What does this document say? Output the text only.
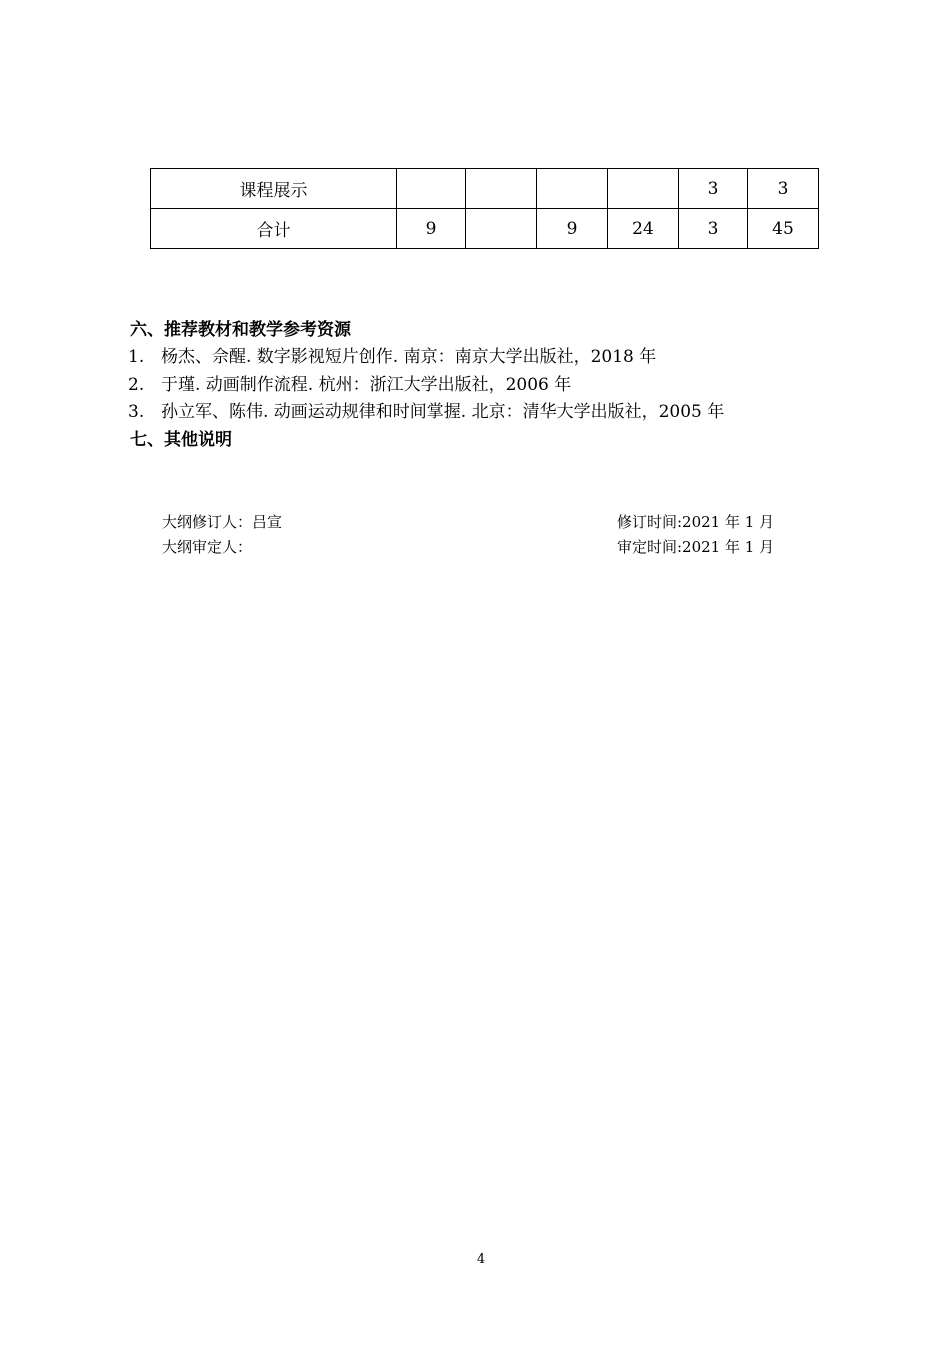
课程展示					3	3
合计	9		9	24	3	45
六、推荐教材和教学参考资源
1. 杨杰、佘醒. 数字影视短片创作. 南京：南京大学出版社，2018 年
2. 于瑾. 动画制作流程. 杭州：浙江大学出版社，2006 年
3. 孙立军、陈伟. 动画运动规律和时间掌握. 北京：清华大学出版社，2005 年
七、其他说明
大纲修订人：吕宣	修订时间:2021 年 1 月
大纲审定人：	审定时间:2021 年 1 月
4
